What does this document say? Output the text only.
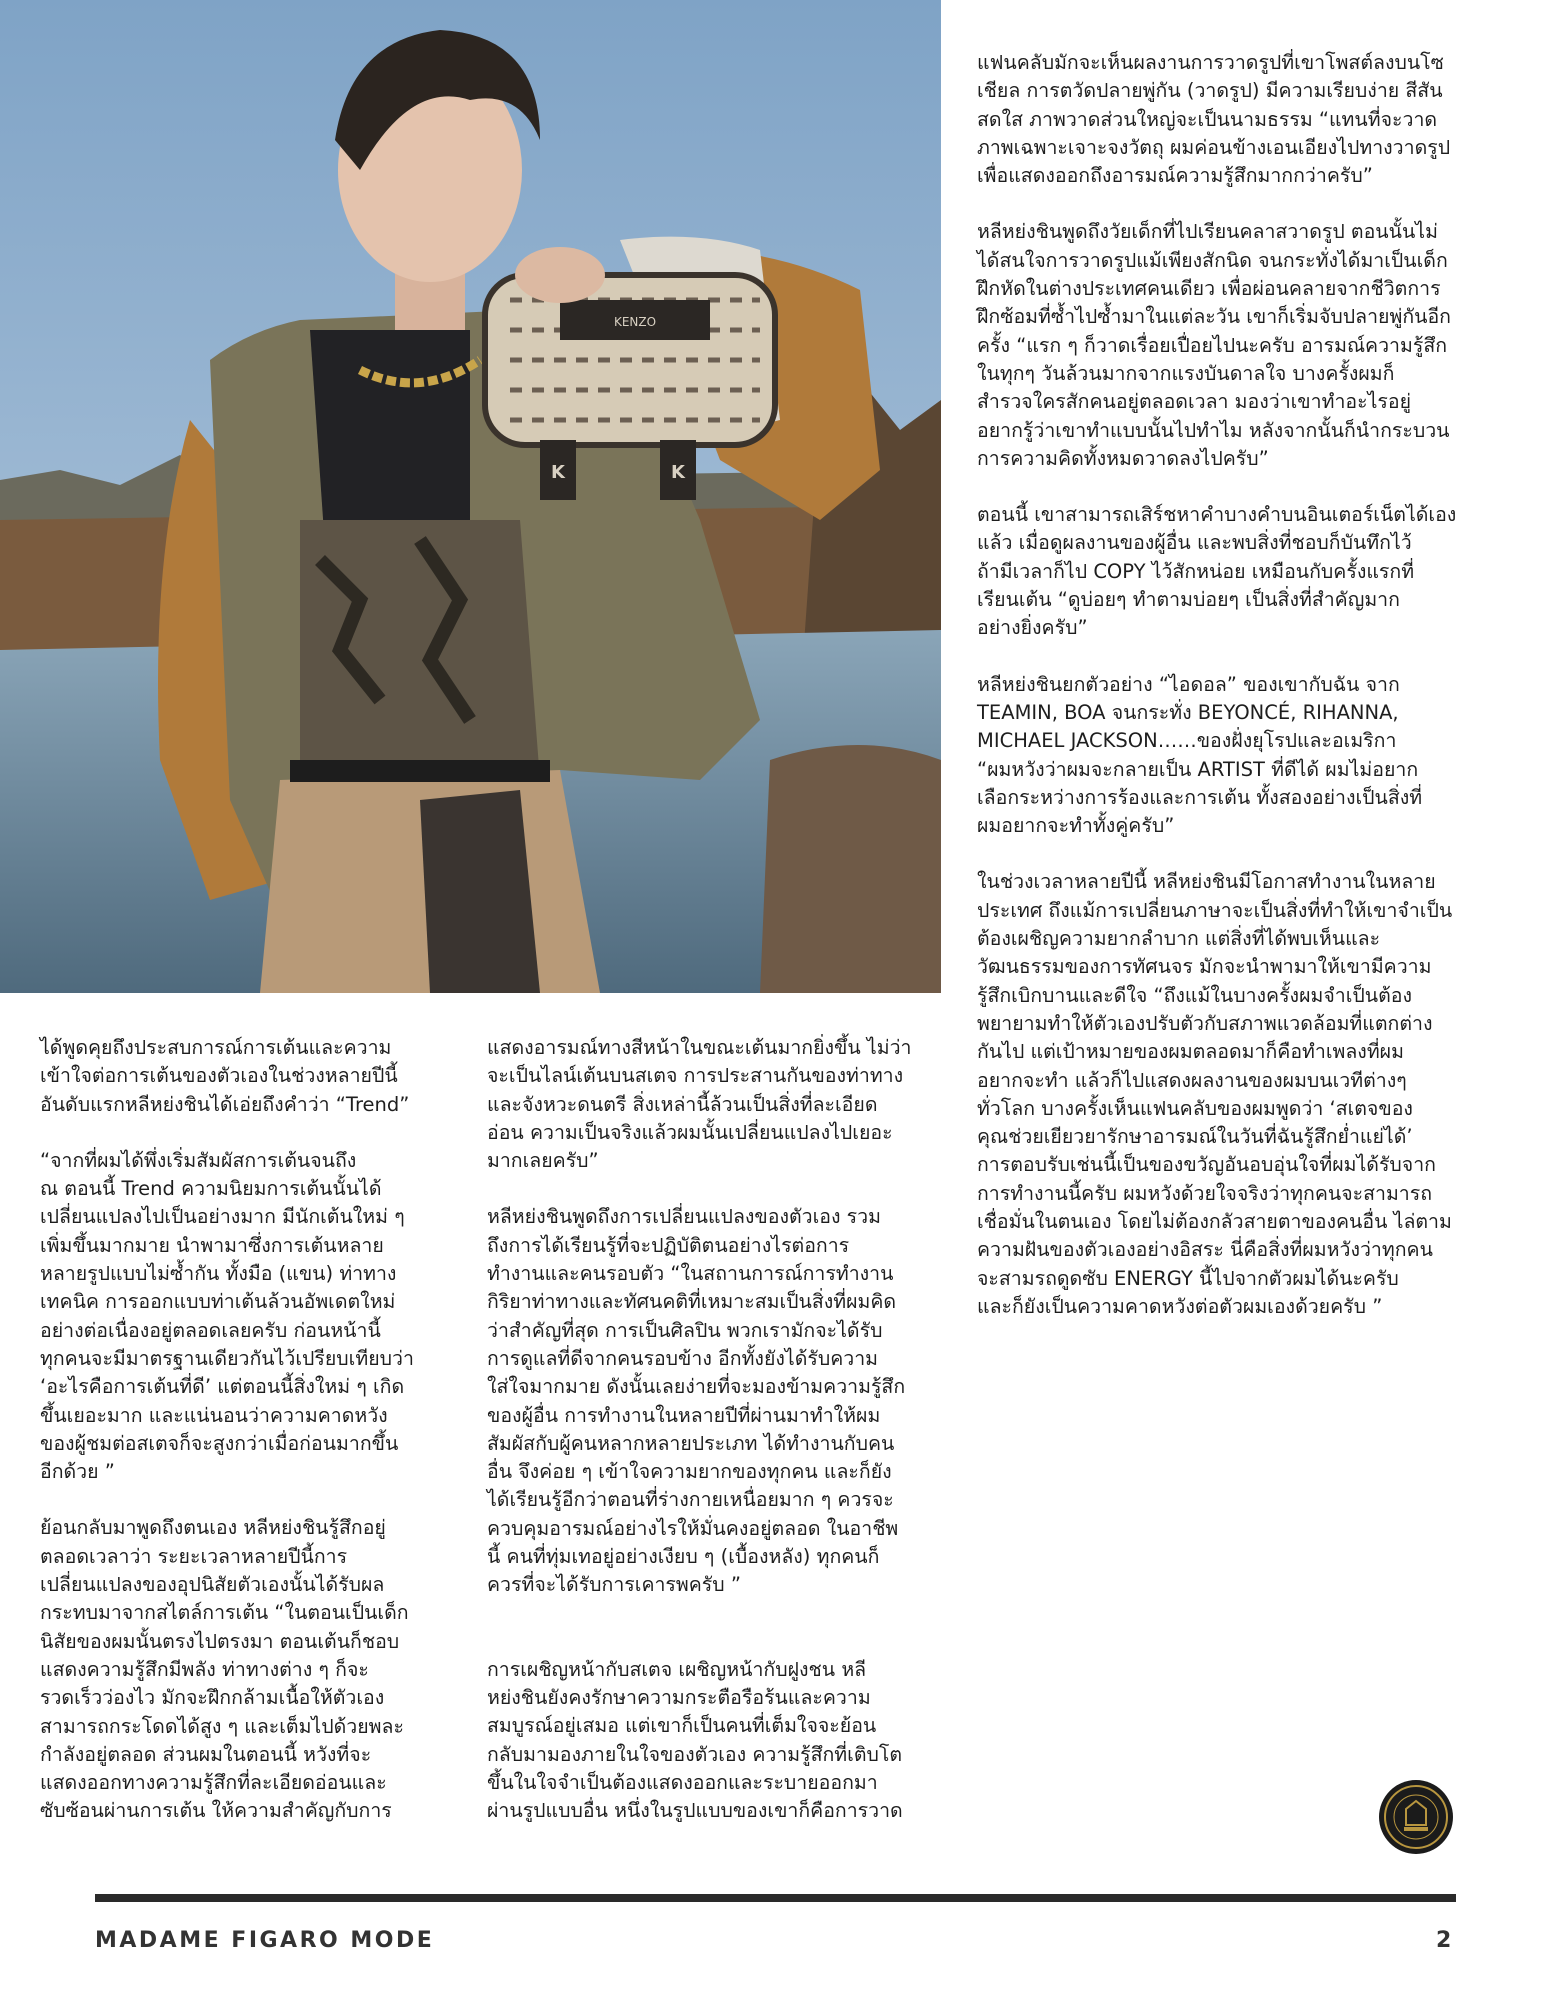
KENZO
K	K

แฟนคลับมักจะเห็นผลงานการวาดรูปที่เขาโพสต์ลงบนโซ
เชียล การตวัดปลายพู่กัน (วาดรูป) มีความเรียบง่าย สีสัน
สดใส ภาพวาดส่วนใหญ่จะเป็นนามธรรม “แทนที่จะวาด
ภาพเฉพาะเจาะจงวัตถุ ผมค่อนข้างเอนเอียงไปทางวาดรูป
เพื่อแสดงออกถึงอารมณ์ความรู้สึกมากกว่าครับ”

หลีหย่งชินพูดถึงวัยเด็กที่ไปเรียนคลาสวาดรูป ตอนนั้นไม่
ได้สนใจการวาดรูปแม้เพียงสักนิด จนกระทั่งได้มาเป็นเด็ก
ฝึกหัดในต่างประเทศคนเดียว เพื่อผ่อนคลายจากชีวิตการ
ฝึกซ้อมที่ซ้ำไปซ้ำมาในแต่ละวัน เขาก็เริ่มจับปลายพู่กันอีก
ครั้ง “แรก ๆ ก็วาดเรื่อยเปื่อยไปนะครับ อารมณ์ความรู้สึก
ในทุกๆ วันล้วนมากจากแรงบันดาลใจ บางครั้งผมก็
สำรวจใครสักคนอยู่ตลอดเวลา มองว่าเขาทำอะไรอยู่
อยากรู้ว่าเขาทำแบบนั้นไปทำไม หลังจากนั้นก็นำกระบวน
การความคิดทั้งหมดวาดลงไปครับ”

ตอนนี้ เขาสามารถเสิร์ชหาคำบางคำบนอินเตอร์เน็ตได้เอง
แล้ว เมื่อดูผลงานของผู้อื่น และพบสิ่งที่ชอบก็บันทึกไว้
ถ้ามีเวลาก็ไป COPY ไว้สักหน่อย เหมือนกับครั้งแรกที่
เรียนเต้น “ดูบ่อยๆ ทำตามบ่อยๆ เป็นสิ่งที่สำคัญมาก
อย่างยิ่งครับ”

หลีหย่งชินยกตัวอย่าง “ไอดอล” ของเขากับฉัน จาก
TEAMIN, BOA จนกระทั่ง BEYONCÉ, RIHANNA,
MICHAEL JACKSON……ของฝั่งยุโรปและอเมริกา
“ผมหวังว่าผมจะกลายเป็น ARTIST ที่ดีได้ ผมไม่อยาก
เลือกระหว่างการร้องและการเต้น ทั้งสองอย่างเป็นสิ่งที่
ผมอยากจะทำทั้งคู่ครับ”

ในช่วงเวลาหลายปีนี้ หลีหย่งชินมีโอกาสทำงานในหลาย
ประเทศ ถึงแม้การเปลี่ยนภาษาจะเป็นสิ่งที่ทำให้เขาจำเป็น
ต้องเผชิญความยากลำบาก แต่สิ่งที่ได้พบเห็นและ
วัฒนธรรมของการทัศนจร มักจะนำพามาให้เขามีความ
รู้สึกเบิกบานและดีใจ “ถึงแม้ในบางครั้งผมจำเป็นต้อง
พยายามทำให้ตัวเองปรับตัวกับสภาพแวดล้อมที่แตกต่าง
กันไป แต่เป้าหมายของผมตลอดมาก็คือทำเพลงที่ผม
อยากจะทำ แล้วก็ไปแสดงผลงานของผมบนเวทีต่างๆ
ทั่วโลก บางครั้งเห็นแฟนคลับของผมพูดว่า ‘สเตจของ
คุณช่วยเยียวยารักษาอารมณ์ในวันที่ฉันรู้สึกย่ำแย่ได้’
การตอบรับเช่นนี้เป็นของขวัญอันอบอุ่นใจที่ผมได้รับจาก
การทำงานนี้ครับ ผมหวังด้วยใจจริงว่าทุกคนจะสามารถ
เชื่อมั่นในตนเอง โดยไม่ต้องกลัวสายตาของคนอื่น ไล่ตาม
ความฝันของตัวเองอย่างอิสระ นี่คือสิ่งที่ผมหวังว่าทุกคน
จะสามรถดูดซับ ENERGY นี้ไปจากตัวผมได้นะครับ
และก็ยังเป็นความคาดหวังต่อตัวผมเองด้วยครับ ”

ได้พูดคุยถึงประสบการณ์การเต้นและความ
เข้าใจต่อการเต้นของตัวเองในช่วงหลายปีนี้
อันดับแรกหลีหย่งชินได้เอ่ยถึงคำว่า “Trend”

“จากที่ผมได้พึ่งเริ่มสัมผัสการเต้นจนถึง
ณ ตอนนี้ Trend ความนิยมการเต้นนั้นได้
เปลี่ยนแปลงไปเป็นอย่างมาก มีนักเต้นใหม่ ๆ
เพิ่มขึ้นมากมาย นำพามาซึ่งการเต้นหลาย
หลายรูปแบบไม่ซ้ำกัน ทั้งมือ (แขน) ท่าทาง
เทคนิค การออกแบบท่าเต้นล้วนอัพเดตใหม่
อย่างต่อเนื่องอยู่ตลอดเลยครับ ก่อนหน้านี้
ทุกคนจะมีมาตรฐานเดียวกันไว้เปรียบเทียบว่า
‘อะไรคือการเต้นที่ดี’ แต่ตอนนี้สิ่งใหม่ ๆ เกิด
ขึ้นเยอะมาก และแน่นอนว่าความคาดหวัง
ของผู้ชมต่อสเตจก็จะสูงกว่าเมื่อก่อนมากขึ้น
อีกด้วย ”

ย้อนกลับมาพูดถึงตนเอง หลีหย่งชินรู้สึกอยู่
ตลอดเวลาว่า ระยะเวลาหลายปีนี้การ
เปลี่ยนแปลงของอุปนิสัยตัวเองนั้นได้รับผล
กระทบมาจากสไตล์การเต้น “ในตอนเป็นเด็ก
นิสัยของผมนั้นตรงไปตรงมา ตอนเต้นก็ชอบ
แสดงความรู้สึกมีพลัง ท่าทางต่าง ๆ ก็จะ
รวดเร็วว่องไว มักจะฝึกกล้ามเนื้อให้ตัวเอง
สามารถกระโดดได้สูง ๆ และเต็มไปด้วยพละ
กำลังอยู่ตลอด ส่วนผมในตอนนี้ หวังที่จะ
แสดงออกทางความรู้สึกที่ละเอียดอ่อนและ
ซับซ้อนผ่านการเต้น ให้ความสำคัญกับการ

แสดงอารมณ์ทางสีหน้าในขณะเต้นมากยิ่งขึ้น ไม่ว่า
จะเป็นไลน์เต้นบนสเตจ การประสานกันของท่าทาง
และจังหวะดนตรี สิ่งเหล่านี้ล้วนเป็นสิ่งที่ละเอียด
อ่อน ความเป็นจริงแล้วผมนั้นเปลี่ยนแปลงไปเยอะ
มากเลยครับ”

หลีหย่งชินพูดถึงการเปลี่ยนแปลงของตัวเอง รวม
ถึงการได้เรียนรู้ที่จะปฏิบัติตนอย่างไรต่อการ
ทำงานและคนรอบตัว “ในสถานการณ์การทำงาน
กิริยาท่าทางและทัศนคติที่เหมาะสมเป็นสิ่งที่ผมคิด
ว่าสำคัญที่สุด การเป็นศิลปิน พวกเรามักจะได้รับ
การดูแลที่ดีจากคนรอบข้าง อีกทั้งยังได้รับความ
ใส่ใจมากมาย ดังนั้นเลยง่ายที่จะมองข้ามความรู้สึก
ของผู้อื่น การทำงานในหลายปีที่ผ่านมาทำให้ผม
สัมผัสกับผู้คนหลากหลายประเภท ได้ทำงานกับคน
อื่น จึงค่อย ๆ เข้าใจความยากของทุกคน และก็ยัง
ได้เรียนรู้อีกว่าตอนที่ร่างกายเหนื่อยมาก ๆ ควรจะ
ควบคุมอารมณ์อย่างไรให้มั่นคงอยู่ตลอด ในอาชีพ
นี้ คนที่ทุ่มเทอยู่อย่างเงียบ ๆ (เบื้องหลัง) ทุกคนก็
ควรที่จะได้รับการเคารพครับ ”

การเผชิญหน้ากับสเตจ เผชิญหน้ากับฝูงชน หลี
หย่งชินยังคงรักษาความกระตือรือร้นและความ
สมบูรณ์อยู่เสมอ แต่เขาก็เป็นคนที่เต็มใจจะย้อน
กลับมามองภายในใจของตัวเอง ความรู้สึกที่เติบโต
ขึ้นในใจจำเป็นต้องแสดงออกและระบายออกมา
ผ่านรูปแบบอื่น หนึ่งในรูปแบบของเขาก็คือการวาด

MADAME FIGARO MODE	2
